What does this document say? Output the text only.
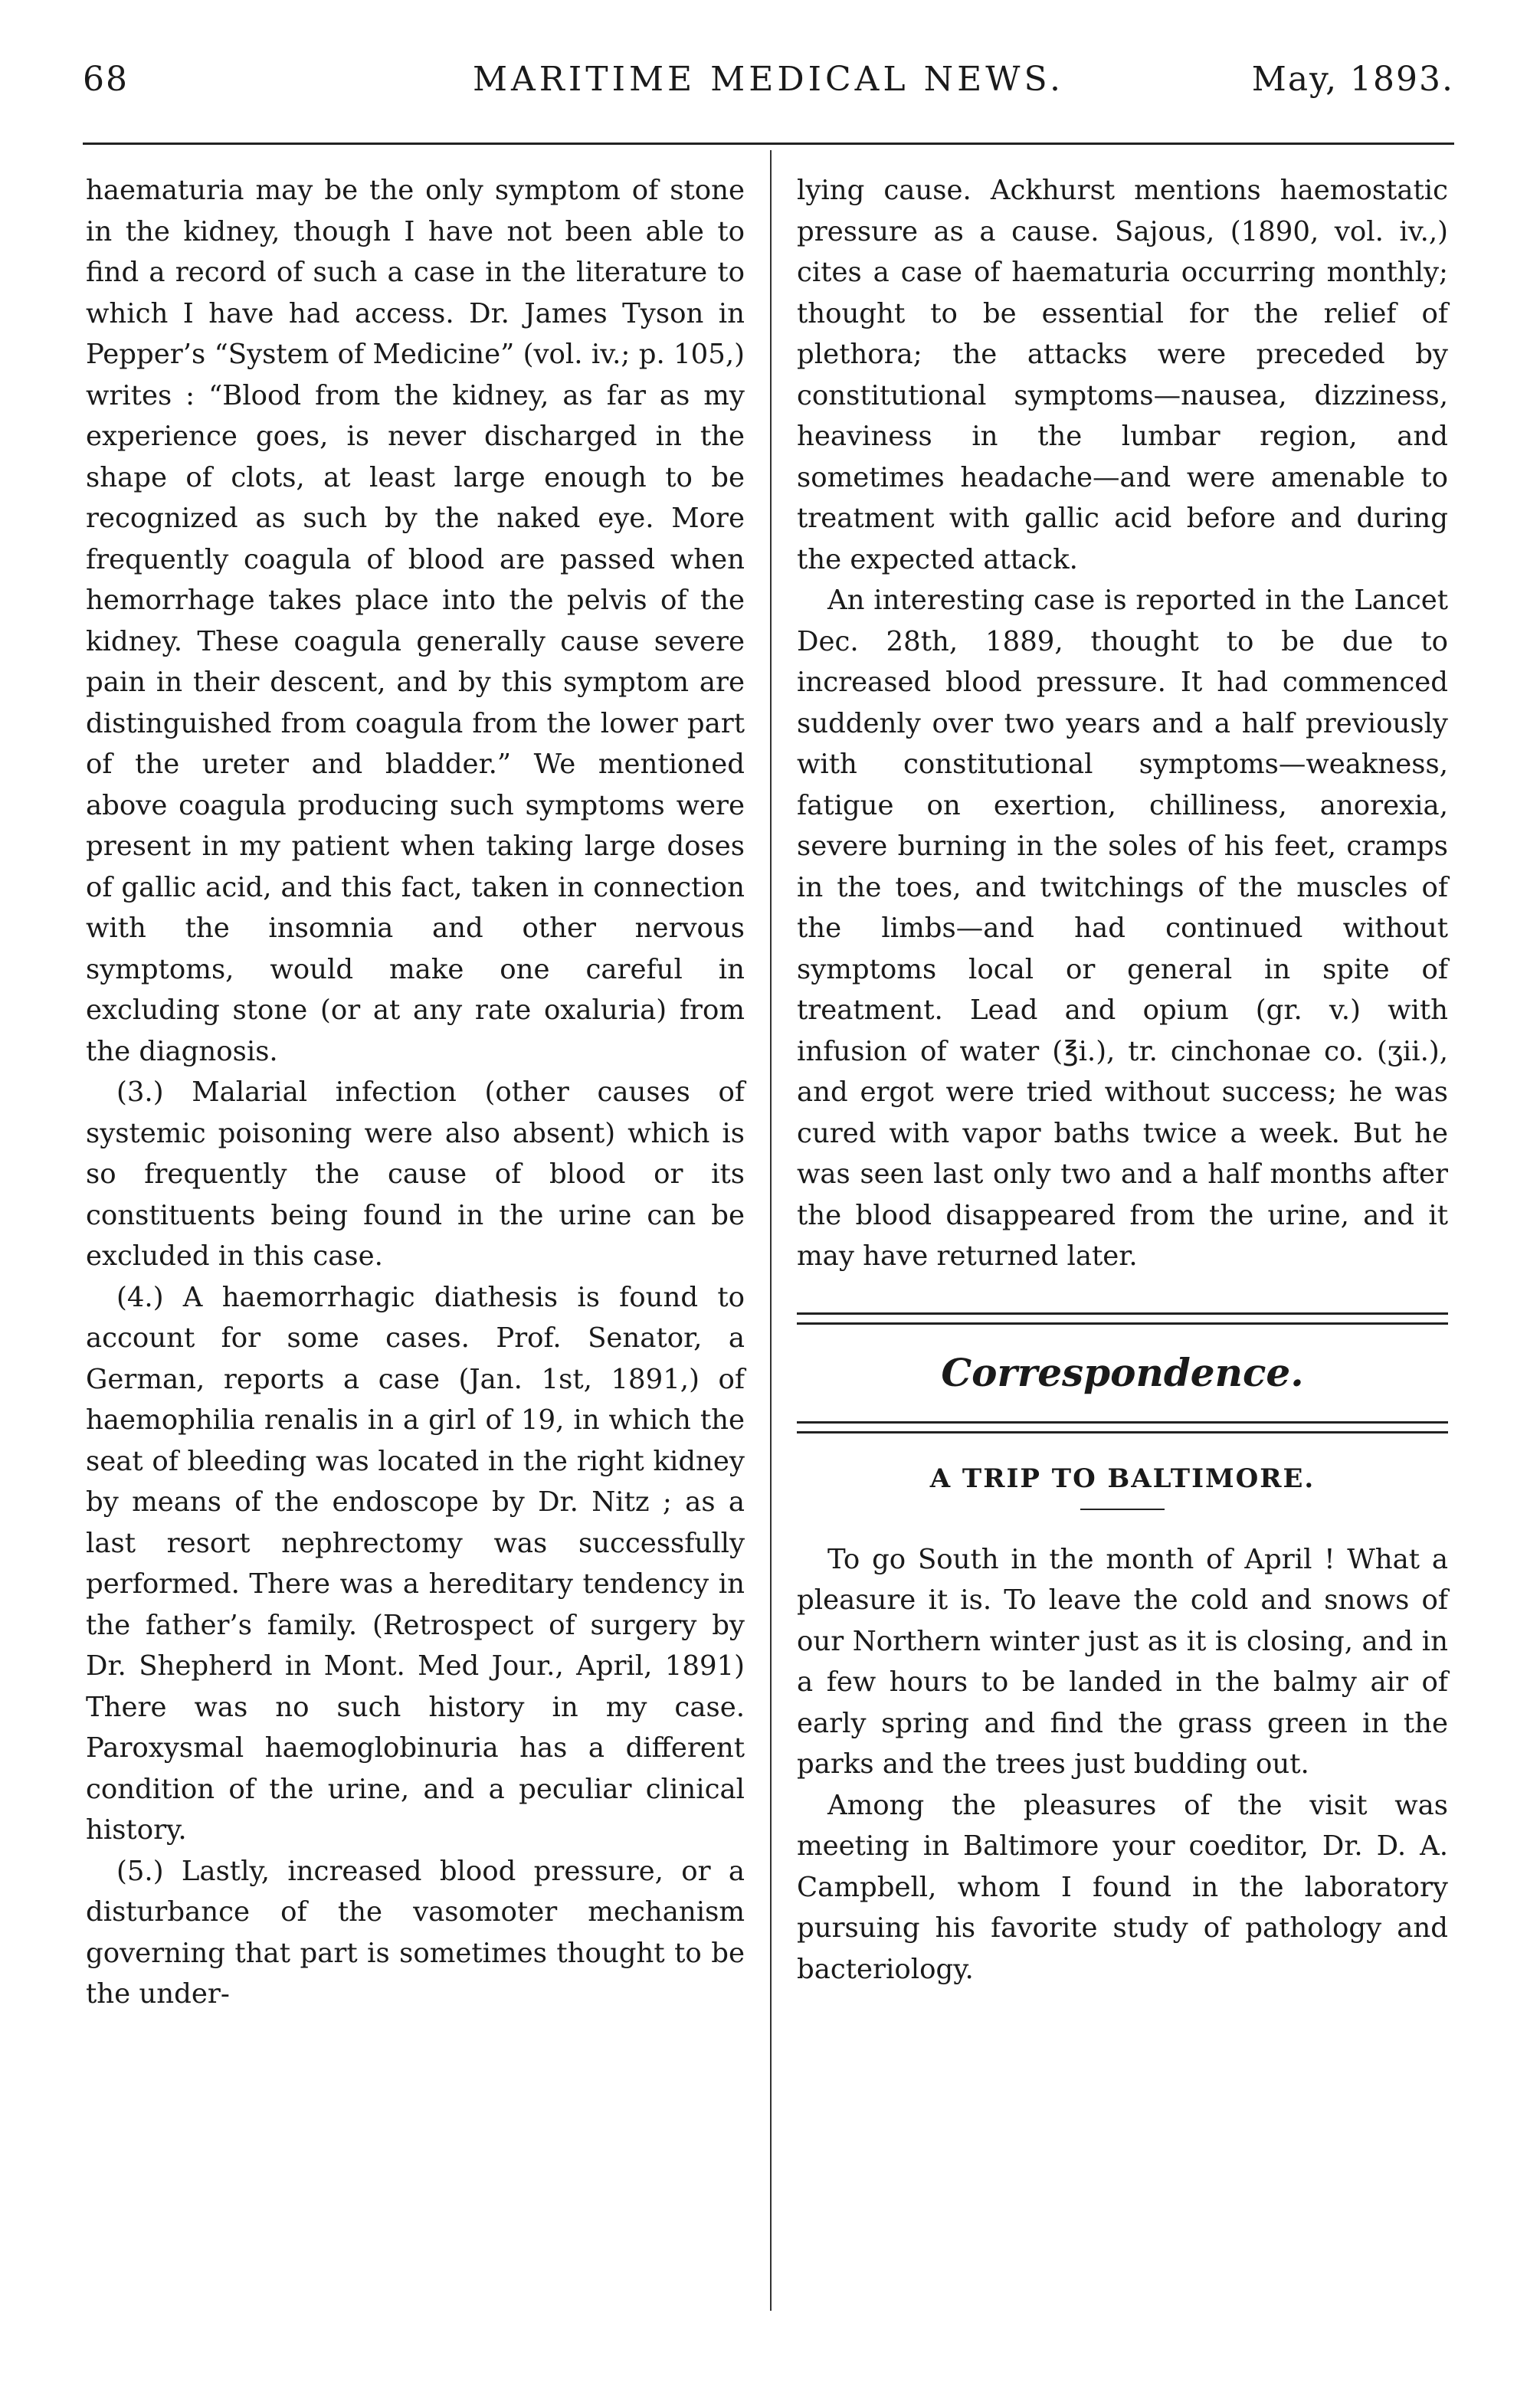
68	MARITIME MEDICAL NEWS.	May, 1893.

haematuria may be the only symptom of stone in the kidney, though I have not been able to find a record of such a case in the literature to which I have had access. Dr. James Tyson in Pepper’s “System of Medicine” (vol. iv.; p. 105,) writes : “Blood from the kidney, as far as my experience goes, is never discharged in the shape of clots, at least large enough to be recognized as such by the naked eye. More frequently coagula of blood are passed when hemorrhage takes place into the pelvis of the kidney. These coagula generally cause severe pain in their descent, and by this symptom are distinguished from coagula from the lower part of the ureter and bladder.” We mentioned above coagula producing such symptoms were present in my patient when taking large doses of gallic acid, and this fact, taken in connection with the insomnia and other nervous symptoms, would make one careful in excluding stone (or at any rate oxaluria) from the diagnosis.

(3.) Malarial infection (other causes of systemic poisoning were also absent) which is so frequently the cause of blood or its constituents being found in the urine can be excluded in this case.

(4.) A haemorrhagic diathesis is found to account for some cases. Prof. Senator, a German, reports a case (Jan. 1st, 1891,) of haemophilia renalis in a girl of 19, in which the seat of bleeding was located in the right kidney by means of the endoscope by Dr. Nitz ; as a last resort nephrectomy was successfully performed. There was a hereditary tendency in the father’s family. (Retrospect of surgery by Dr. Shepherd in Mont. Med Jour., April, 1891) There was no such history in my case. Paroxysmal haemoglobinuria has a different condition of the urine, and a peculiar clinical history.

(5.) Lastly, increased blood pressure, or a disturbance of the vasomoter mechanism governing that part is sometimes thought to be the under-

lying cause. Ackhurst mentions haemostatic pressure as a cause. Sajous, (1890, vol. iv.,) cites a case of haematuria occurring monthly; thought to be essential for the relief of plethora; the attacks were preceded by constitutional symptoms—nausea, dizziness, heaviness in the lumbar region, and sometimes headache—and were amenable to treatment with gallic acid before and during the expected attack.

An interesting case is reported in the Lancet Dec. 28th, 1889, thought to be due to increased blood pressure. It had commenced suddenly over two years and a half previously with constitutional symptoms—weakness, fatigue on exertion, chilliness, anorexia, severe burning in the soles of his feet, cramps in the toes, and twitchings of the muscles of the limbs—and had continued without symptoms local or general in spite of treatment. Lead and opium (gr. v.) with infusion of water (℥i.), tr. cinchonae co. (ʒii.), and ergot were tried without success; he was cured with vapor baths twice a week. But he was seen last only two and a half months after the blood disappeared from the urine, and it may have returned later.

Correspondence.
A TRIP TO BALTIMORE.

To go South in the month of April ! What a pleasure it is. To leave the cold and snows of our Northern winter just as it is closing, and in a few hours to be landed in the balmy air of early spring and find the grass green in the parks and the trees just budding out.

Among the pleasures of the visit was meeting in Baltimore your coeditor, Dr. D. A. Campbell, whom I found in the laboratory pursuing his favorite study of pathology and bacteriology.
